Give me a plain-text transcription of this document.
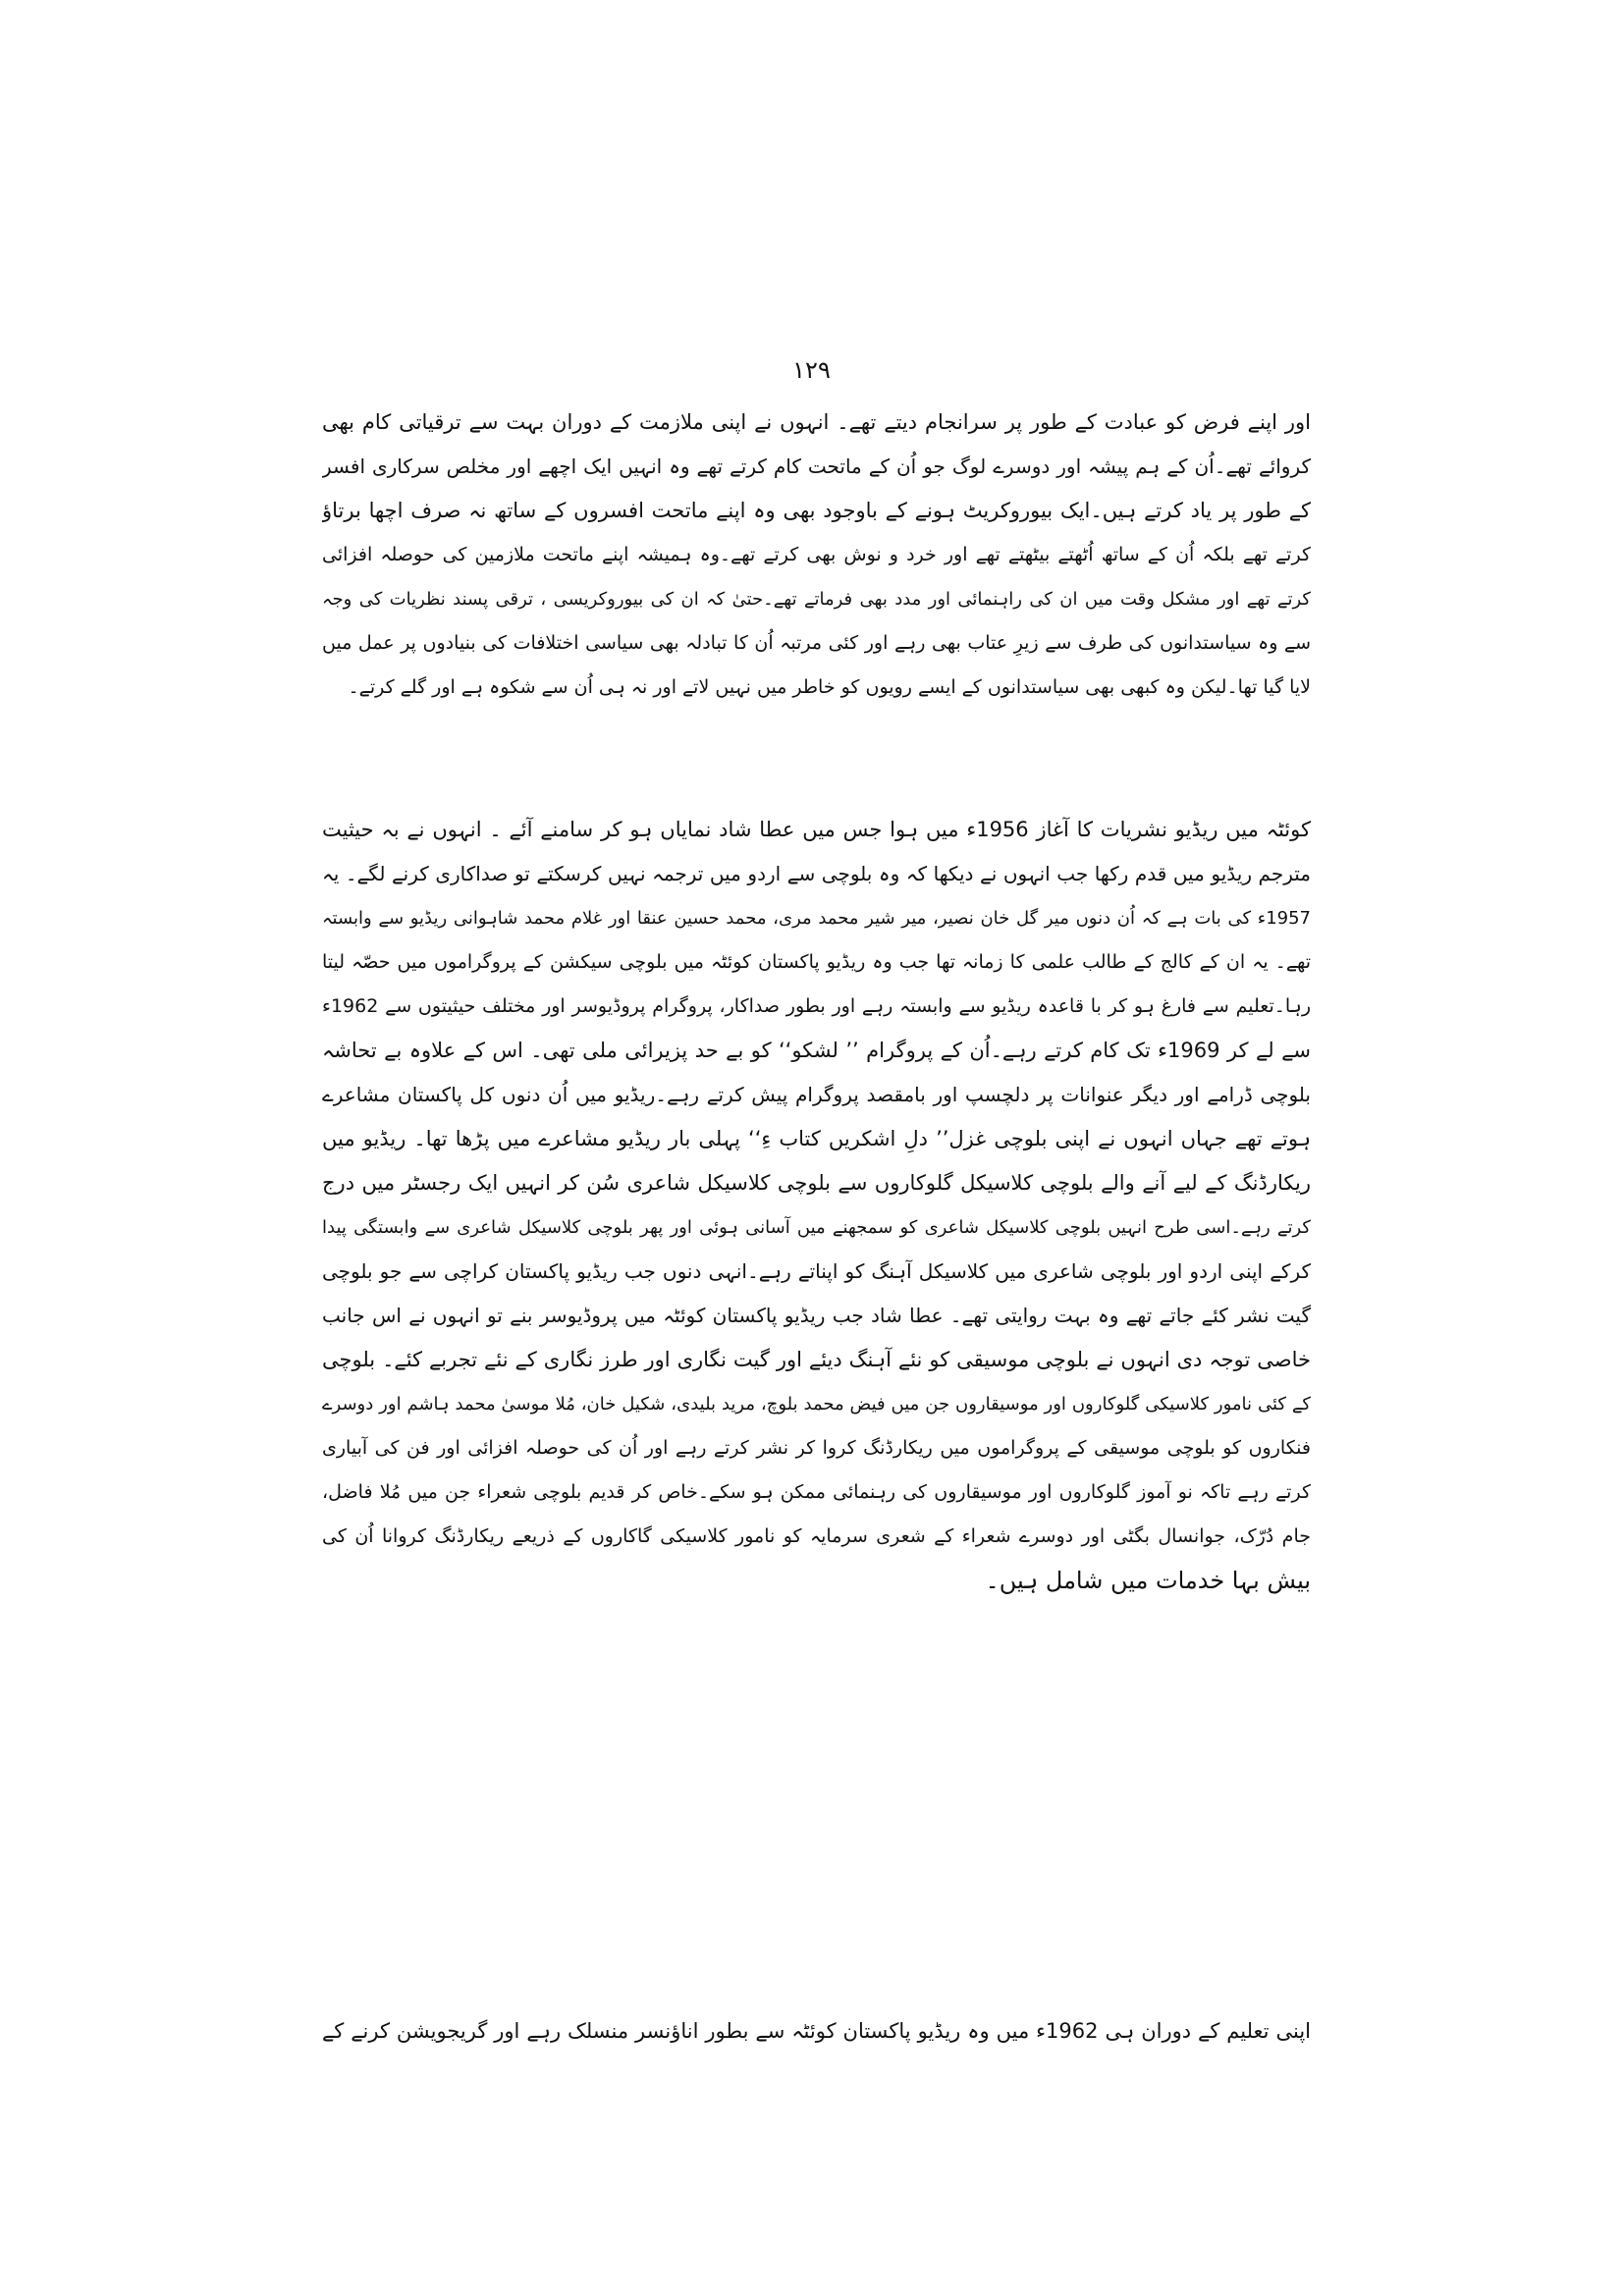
۱۲۹

اور اپنے فرض کو عبادت کے طور پر سرانجام دیتے تھے۔ انہوں نے اپنی ملازمت کے دوران بہت سے ترقیاتی کام بھی
کروائے تھے۔اُن کے ہم پیشہ اور دوسرے لوگ جو اُن کے ماتحت کام کرتے تھے وہ انہیں ایک اچھے اور مخلص سرکاری افسر
کے طور پر یاد کرتے ہیں۔ایک بیوروکریٹ ہونے کے باوجود بھی وہ اپنے ماتحت افسروں کے ساتھ نہ صرف اچھا برتاؤ
کرتے تھے بلکہ اُن کے ساتھ اُٹھتے بیٹھتے تھے اور خرد و نوش بھی کرتے تھے۔وہ ہمیشہ اپنے ماتحت ملازمین کی حوصلہ افزائی
کرتے تھے اور مشکل وقت میں ان کی راہنمائی اور مدد بھی فرماتے تھے۔حتیٰ کہ ان کی بیوروکریسی ، ترقی پسند نظریات کی وجہ
سے وہ سیاستدانوں کی طرف سے زیرِ عتاب بھی رہے اور کئی مرتبہ اُن کا تبادلہ بھی سیاسی اختلافات کی بنیادوں پر عمل میں
لایا گیا تھا۔لیکن وہ کبھی بھی سیاستدانوں کے ایسے رویوں کو خاطر میں نہیں لاتے اور نہ ہی اُن سے شکوہ ہے اور گلے کرتے۔

کوئٹہ میں ریڈیو نشریات کا آغاز 1956ء میں ہوا جس میں عطا شاد نمایاں ہو کر سامنے آئے ۔ انہوں نے بہ حیثیت
مترجم ریڈیو میں قدم رکھا جب انہوں نے دیکھا کہ وہ بلوچی سے اردو میں ترجمہ نہیں کرسکتے تو صداکاری کرنے لگے۔ یہ
1957ء کی بات ہے کہ اُن دنوں میر گل خان نصیر، میر شیر محمد مری، محمد حسین عنقا اور غلام محمد شاہوانی ریڈیو سے وابستہ
تھے۔ یہ ان کے کالج کے طالب علمی کا زمانہ تھا جب وہ ریڈیو پاکستان کوئٹہ میں بلوچی سیکشن کے پروگراموں میں حصّہ لیتا
رہا۔تعلیم سے فارغ ہو کر با قاعدہ ریڈیو سے وابستہ رہے اور بطور صداکار، پروگرام پروڈیوسر اور مختلف حیثیتوں سے 1962ء
سے لے کر 1969ء تک کام کرتے رہے۔اُن کے پروگرام ’’ لشکو‘‘ کو بے حد پزیرائی ملی تھی۔ اس کے علاوہ بے تحاشہ
بلوچی ڈرامے اور دیگر عنوانات پر دلچسپ اور بامقصد پروگرام پیش کرتے رہے۔ریڈیو میں اُن دنوں کل پاکستان مشاعرے
ہوتے تھے جہاں انہوں نے اپنی بلوچی غزل’’ دلِ اشکریں کتاب ءِ‘‘ پہلی بار ریڈیو مشاعرے میں پڑھا تھا۔ ریڈیو میں
ریکارڈنگ کے لیے آنے والے بلوچی کلاسیکل گلوکاروں سے بلوچی کلاسیکل شاعری سُن کر انہیں ایک رجسٹر میں درج
کرتے رہے۔اسی طرح انہیں بلوچی کلاسیکل شاعری کو سمجھنے میں آسانی ہوئی اور پھر بلوچی کلاسیکل شاعری سے وابستگی پیدا
کرکے اپنی اردو اور بلوچی شاعری میں کلاسیکل آہنگ کو اپناتے رہے۔انہی دنوں جب ریڈیو پاکستان کراچی سے جو بلوچی
گیت نشر کئے جاتے تھے وہ بہت روایتی تھے۔ عطا شاد جب ریڈیو پاکستان کوئٹہ میں پروڈیوسر بنے تو انہوں نے اس جانب
خاصی توجہ دی انہوں نے بلوچی موسیقی کو نئے آہنگ دیئے اور گیت نگاری اور طرز نگاری کے نئے تجربے کئے۔ بلوچی
کے کئی نامور کلاسیکی گلوکاروں اور موسیقاروں جن میں فیض محمد بلوچ، مرید بلیدی، شکیل خان، مُلا موسیٰ محمد ہاشم اور دوسرے
فنکاروں کو بلوچی موسیقی کے پروگراموں میں ریکارڈنگ کروا کر نشر کرتے رہے اور اُن کی حوصلہ افزائی اور فن کی آبیاری
کرتے رہے تاکہ نو آموز گلوکاروں اور موسیقاروں کی رہنمائی ممکن ہو سکے۔خاص کر قدیم بلوچی شعراء جن میں مُلا فاضل،
جام دُرّک، جوانسال بگٹی اور دوسرے شعراء کے شعری سرمایہ کو نامور کلاسیکی گاکاروں کے ذریعے ریکارڈنگ کروانا اُن کی
بیش بہا خدمات میں شامل ہیں۔

اپنی تعلیم کے دوران ہی 1962ء میں وہ ریڈیو پاکستان کوئٹہ سے بطور اناؤنسر منسلک رہے اور گریجویشن کرنے کے
